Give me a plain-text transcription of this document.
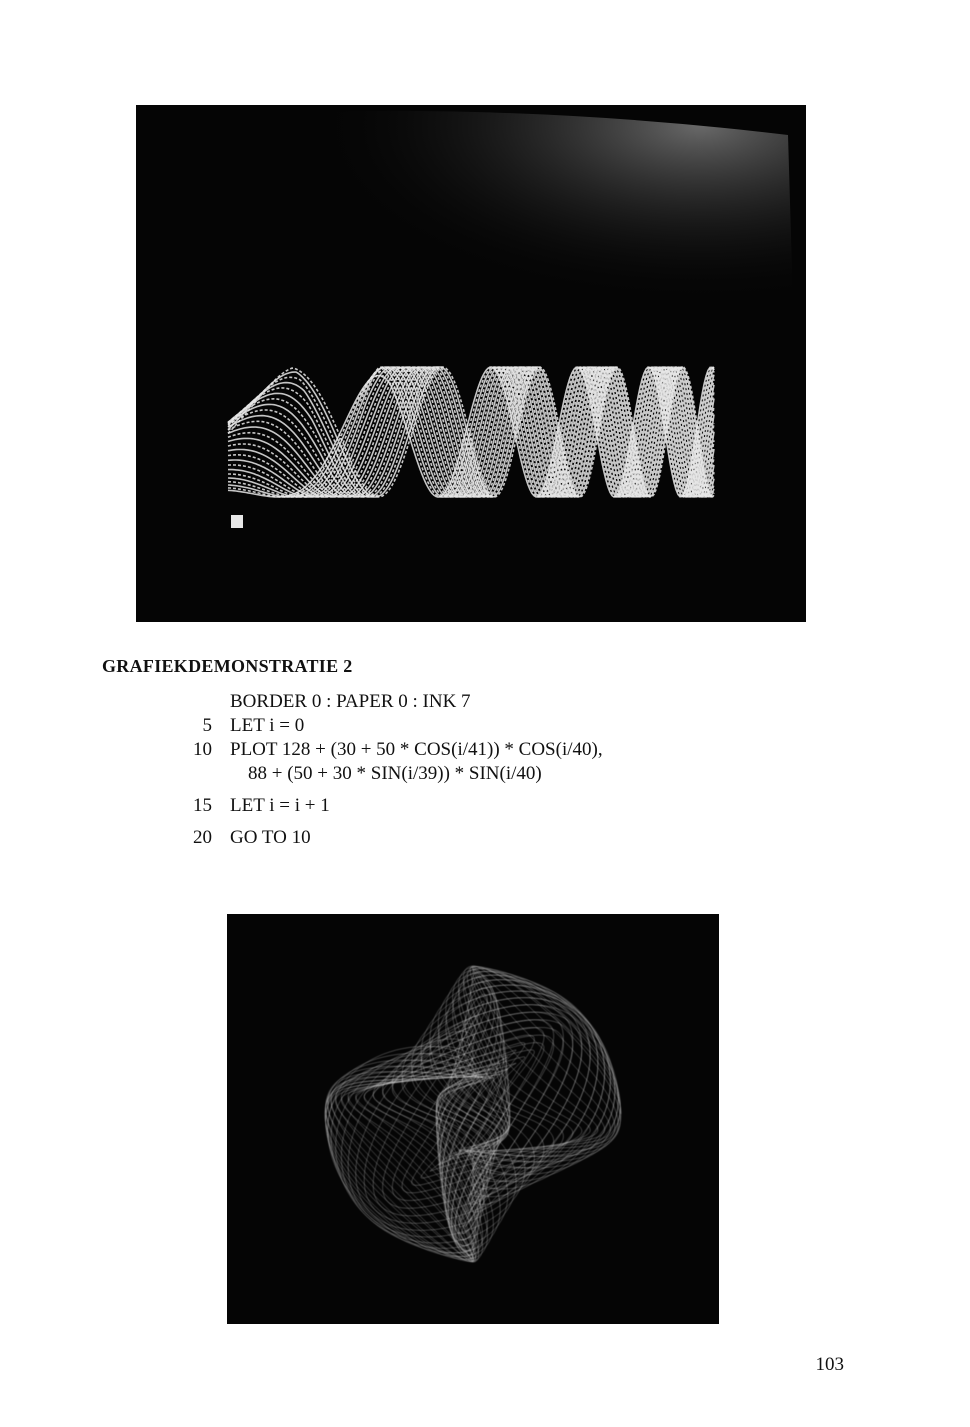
GRAFIEKDEMONSTRATIE 2
BORDER 0 : PAPER 0 : INK 7
5 LET i = 0
10 PLOT 128 + (30 + 50 * COS(i/41)) * COS(i/40),
88 + (50 + 30 * SIN(i/39)) * SIN(i/40)
15 LET i = i + 1
20 GO TO 10
103
